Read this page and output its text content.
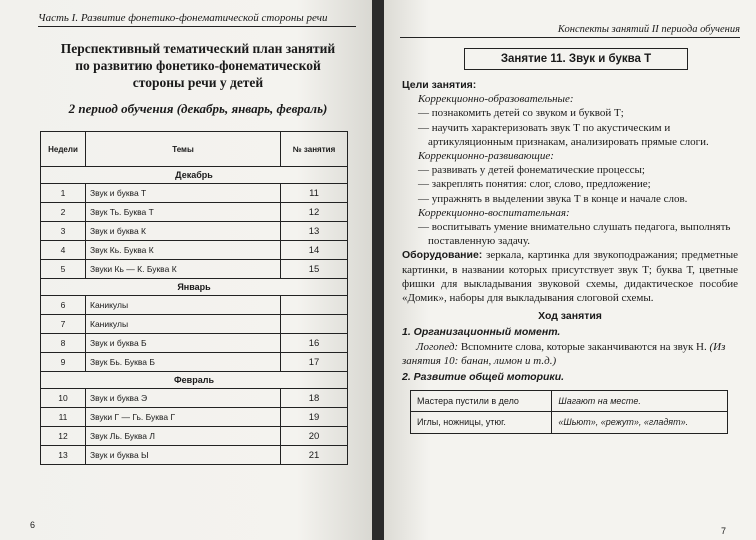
Часть I. Развитие фонетико-фонематической стороны речи
Перспективный тематический план занятий
по развитию фонетико-фонематической
стороны речи у детей
2 период обучения (декабрь, январь, февраль)
Недели	Темы	№ занятия
Декабрь		
1	Звук и буква Т	11
2	Звук Ть. Буква Т	12
3	Звук и буква К	13
4	Звук Кь. Буква К	14
5	Звуки Кь — К. Буква К	15
Январь		
6	Каникулы	
7	Каникулы	
8	Звук и буква Б	16
9	Звук Бь. Буква Б	17
Февраль		
10	Звук и буква Э	18
11	Звуки Г — Гь. Буква Г	19
12	Звук Ль. Буква Л	20
13	Звук и буква Ы	21
6
Конспекты занятий II периода обучения
Занятие 11. Звук и буква Т
Цели занятия:
Коррекционно-образовательные:
— познакомить детей со звуком и буквой Т;
— научить характеризовать звук Т по акустическим и артикуляционным признакам, анализировать прямые слоги.
Коррекционно-развивающие:
— развивать у детей фонематические процессы;
— закреплять понятия: слог, слово, предложение;
— упражнять в выделении звука Т в конце и начале слов.
Коррекционно-воспитательная:
— воспитывать умение внимательно слушать педагога, выполнять поставленную задачу.
Оборудование: зеркала, картинка для звукоподражания; предметные картинки, в названии которых присутствует звук Т; буква Т, цветные фишки для выкладывания звуковой схемы, дидактическое пособие «Домик», наборы для выкладывания слоговой схемы.
Ход занятия
1. Организационный момент.
Логопед: Вспомните слова, которые заканчиваются на звук Н. (Из занятия 10: банан, лимон и т.д.)
2. Развитие общей моторики.
Мастера пустили в дело	Шагают на месте.
Иглы, ножницы, утюг.	«Шьют», «режут», «гладят».
7
